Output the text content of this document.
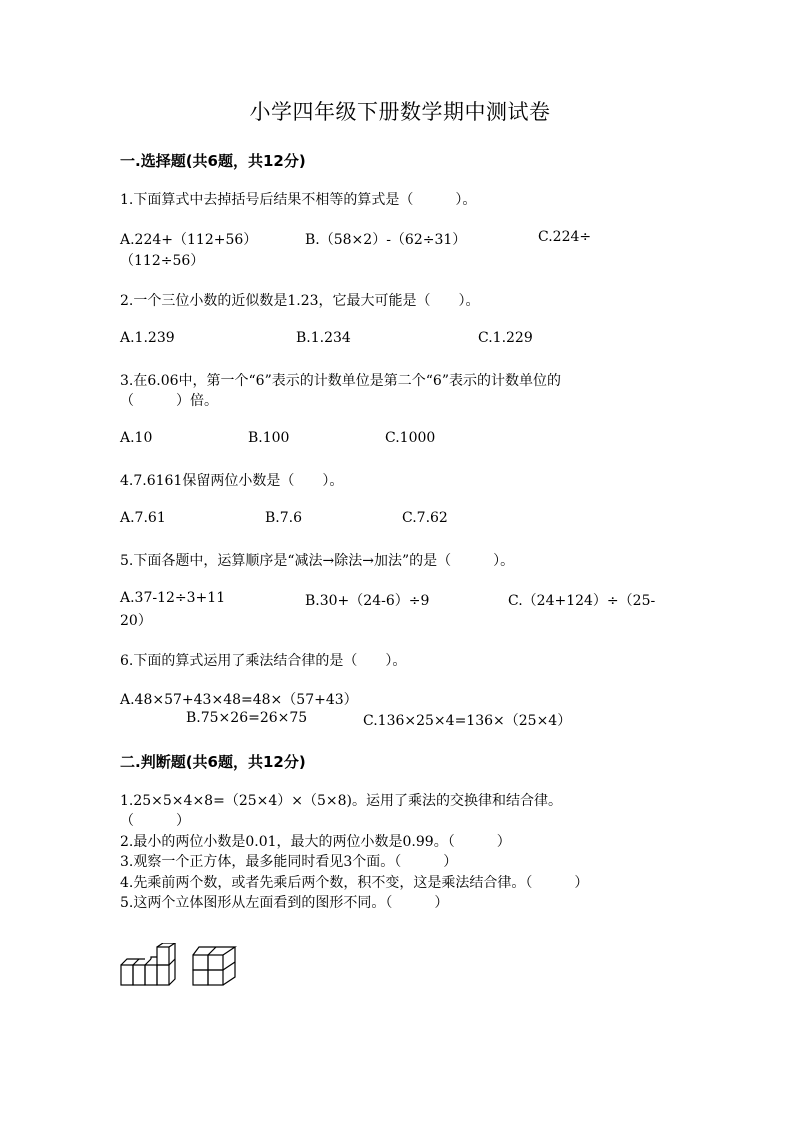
小学四年级下册数学期中测试卷
一.选择题(共6题，共12分)
1.下面算式中去掉括号后结果不相等的算式是（　　　）。
A.224+（112+56）	B.（58×2）-（62÷31）	C.224÷
（112÷56）
2.一个三位小数的近似数是1.23，它最大可能是（　　）。
A.1.239	B.1.234	C.1.229
3.在6.06中，第一个“6”表示的计数单位是第二个“6”表示的计数单位的
（　　　）倍。
A.10	B.100	C.1000
4.7.6161保留两位小数是（　　）。
A.7.61	B.7.6	C.7.62
5.下面各题中，运算顺序是“减法→除法→加法”的是（　　　）。
A.37-12÷3+11	B.30+（24-6）÷9	C.（24+124）÷（25-
20）
6.下面的算式运用了乘法结合律的是（　　）。
A.48×57+43×48=48×（57+43）
B.75×26=26×75	C.136×25×4=136×（25×4）
二.判断题(共6题，共12分)
1.25×5×4×8=（25×4）×（5×8)。运用了乘法的交换律和结合律。
（　　　）
2.最小的两位小数是0.01，最大的两位小数是0.99。（　　　）
3.观察一个正方体，最多能同时看见3个面。（　　　）
4.先乘前两个数，或者先乘后两个数，积不变，这是乘法结合律。（　　　）
5.这两个立体图形从左面看到的图形不同。（　　　）
